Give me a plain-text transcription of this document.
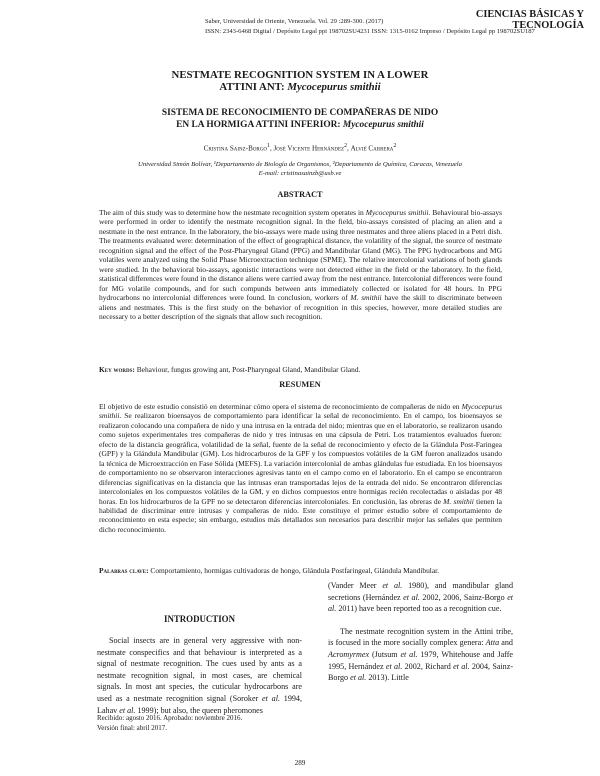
CIENCIAS BÁSICAS Y
TECNOLOGÍA
Saber, Universidad de Oriente, Venezuela. Vol. 29 :289-300. (2017)
ISSN: 2343-6468 Digital / Depósito Legal ppi 198702SU4231 ISSN: 1315-0162 Impreso / Depósito Legal pp 198702SU187
NESTMATE RECOGNITION SYSTEM IN A LOWER
ATTINI ANT: Mycocepurus smithii
SISTEMA DE RECONOCIMIENTO DE COMPAÑERAS DE NIDO
EN LA HORMIGA ATTINI INFERIOR: Mycocepurus smithii
Cristina Sainz-Borgo$^1$, José Vicente Hernández$^2$, Alvié Cabrera$^2$
Universidad Simón Bolívar, ¹Departamento de Biología de Organismos, ²Departamento de Química, Caracas, Venezuela
E-mail: cristinasainzb@usb.ve
ABSTRACT
The aim of this study was to determine how the nestmate recognition system operates in Mycocepurus smithii. Behavioural bio-assays were performed in order to identify the nestmate recognition signal. In the field, bio-assays consisted of placing an alien and a nestmate in the nest entrance. In the laboratory, the bio-assays were made using three nestmates and three aliens placed in a Petri dish. The treatments evaluated were: determination of the effect of geographical distance, the volatility of the signal, the source of nestmate recognition signal and the effect of the Post-Pharyngeal Gland (PPG) and Mandibular Gland (MG). The PPG hydrocarbons and MG volatiles were analyzed using the Solid Phase Microextraction technique (SPME). The relative intercolonial variations of both glands were studied. In the behavioral bio-assays, agonistic interactions were not detected either in the field or the laboratory. In the field, statistical differences were found in the distance aliens were carried away from the nest entrance. Intercolonial differences were found for MG volatile compounds, and for such compunds between ants immediately collected or isolated for 48 hours. In PPG hydrocarbons no intercolonial differences were found. In conclusion, workers of M. smithii have the skill to discriminate between aliens and nestmates. This is the first study on the behavior of recognition in this species, however, more detailed studies are necessary to a better description of the signals that allow such recognition.
Key words: Behaviour, fungus growing ant, Post-Pharyngeal Gland, Mandibular Gland.
RESUMEN
El objetivo de este estudio consistió en determinar cómo opera el sistema de reconocimiento de compañeras de nido en Mycocepurus smithii. Se realizaron bioensayos de comportamiento para identificar la señal de reconocimiento. En el campo, los bioensayos se realizaron colocando una compañera de nido y una intrusa en la entrada del nido; mientras que en el laboratorio, se realizaron usando como sujetos experimentales tres compañeras de nido y tres intrusas en una cápsula de Petri. Los tratamientos evaluados fueron: efecto de la distancia geográfica, volatilidad de la señal, fuente de la señal de reconocimiento y efecto de la Glándula Post-Faringea (GPF) y la Glándula Mandibular (GM). Los hidrocarburos de la GPF y los compuestos volátiles de la GM fueron analizados usando la técnica de Microextracción en Fase Sólida (MEFS). La variación intercolonial de ambas glándulas fue estudiada. En los bioensayos de comportamiento no se observaron interacciones agresivas tanto en el campo como en el laboratorio. En el campo se encontraron diferencias significativas en la distancia que las intrusas eran transportadas lejos de la entrada del nido. Se encontraron diferencias intercoloniales en los compuestos volátiles de la GM, y en dichos compuestos entre hormigas recién recolectadas o aisladas por 48 horas. En los hidrocarburos de la GPF no se detectaron diferencias intercoloniales. En conclusión, las obreras de M. smithii tienen la habilidad de discriminar entre intrusas y compañeras de nido. Este constituye el primer estudio sobre el comportamiento de reconocimiento en esta especie; sin embargo, estudios más detallados son necesarios para describir mejor las señales que permiten dicho reconocimiento.
Palabras clave: Comportamiento, hormigas cultivadoras de hongo, Glándula Postfaringeal, Glándula Mandibular.
INTRODUCTION

Social insects are in general very aggressive with non-nestmate conspecifics and that behaviour is interpreted as a signal of nestmate recognition. The cues used by ants as a nestmate recognition signal, in most cases, are chemical signals. In most ant species, the cuticular hydrocarbons are used as a nestmate recognition signal (Soroker et al. 1994, Lahav et al. 1999); but also, the queen pheromones

(Vander Meer et al. 1980), and mandibular gland secretions (Hernández et al. 2002, 2006, Sainz-Borgo et al. 2011) have been reported too as a recognition cue.

The nestmate recognition system in the Attini tribe, is focused in the more socially complex genera: Atta and Acromyrmex (Jutsum et al. 1979, Whitehouse and Jaffe 1995, Hernández et al. 2002, Richard et al. 2004, Sainz-Borgo et al. 2013). Little

Recibido: agosto 2016. Aprobado: noviembre 2016.
Versión final: abril 2017.
289
